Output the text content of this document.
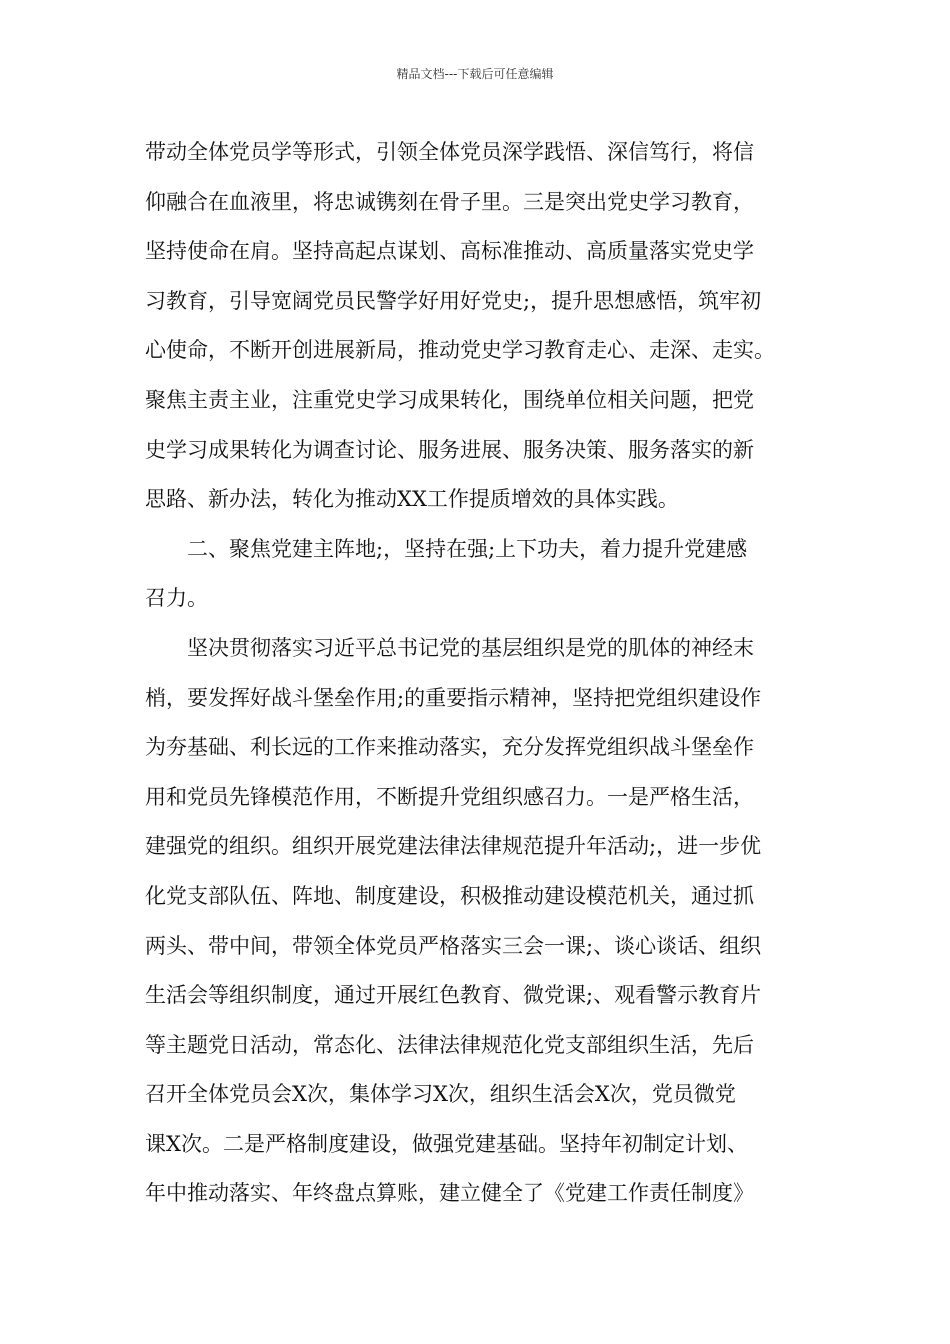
精品文档---下载后可任意编辑
带动全体党员学等形式，引领全体党员深学践悟、深信笃行，将信
仰融合在血液里，将忠诚镌刻在骨子里。三是突出党史学习教育，
坚持使命在肩。坚持高起点谋划、高标准推动、高质量落实党史学
习教育，引导宽阔党员民警学好用好党史;，提升思想感悟，筑牢初
心使命，不断开创进展新局，推动党史学习教育走心、走深、走实。
聚焦主责主业，注重党史学习成果转化，围绕单位相关问题，把党
史学习成果转化为调查讨论、服务进展、服务决策、服务落实的新
思路、新办法，转化为推动XX工作提质增效的具体实践。
　　二、聚焦党建主阵地;，坚持在强;上下功夫，着力提升党建感
召力。
　　坚决贯彻落实习近平总书记党的基层组织是党的肌体的神经末
梢，要发挥好战斗堡垒作用;的重要指示精神，坚持把党组织建设作
为夯基础、利长远的工作来推动落实，充分发挥党组织战斗堡垒作
用和党员先锋模范作用，不断提升党组织感召力。一是严格生活，
建强党的组织。组织开展党建法律法律规范提升年活动;，进一步优
化党支部队伍、阵地、制度建设，积极推动建设模范机关，通过抓
两头、带中间，带领全体党员严格落实三会一课;、谈心谈话、组织
生活会等组织制度，通过开展红色教育、微党课;、观看警示教育片
等主题党日活动，常态化、法律法律规范化党支部组织生活，先后
召开全体党员会X次，集体学习X次，组织生活会X次，党员微党
课X次。二是严格制度建设，做强党建基础。坚持年初制定计划、
年中推动落实、年终盘点算账，建立健全了《党建工作责任制度》
